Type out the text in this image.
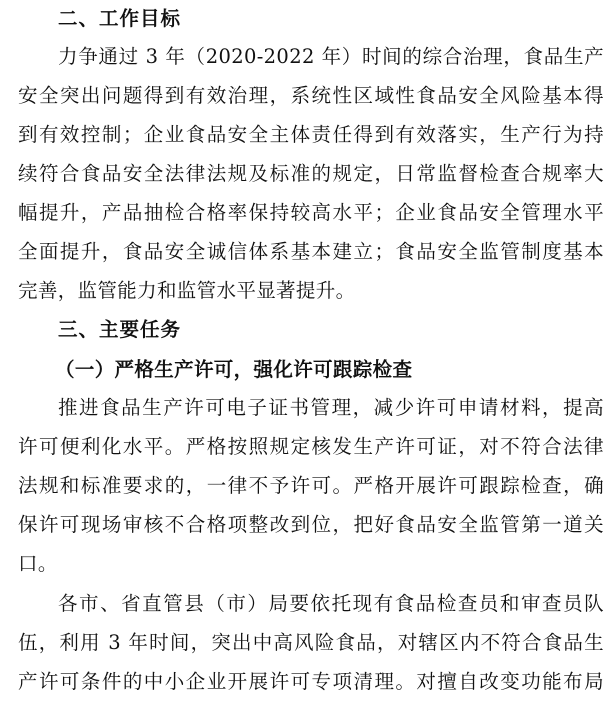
二、工作目标
力争通过 3 年（2020-2022 年）时间的综合治理，食品生产
安全突出问题得到有效治理，系统性区域性食品安全风险基本得
到有效控制；企业食品安全主体责任得到有效落实，生产行为持
续符合食品安全法律法规及标准的规定，日常监督检查合规率大
幅提升，产品抽检合格率保持较高水平；企业食品安全管理水平
全面提升，食品安全诚信体系基本建立；食品安全监管制度基本
完善，监管能力和监管水平显著提升。
三、主要任务
（一）严格生产许可，强化许可跟踪检查
推进食品生产许可电子证书管理，减少许可申请材料，提高
许可便利化水平。严格按照规定核发生产许可证，对不符合法律
法规和标准要求的，一律不予许可。严格开展许可跟踪检查，确
保许可现场审核不合格项整改到位，把好食品安全监管第一道关
口。
各市、省直管县（市）局要依托现有食品检查员和审查员队
伍，利用 3 年时间，突出中高风险食品，对辖区内不符合食品生
产许可条件的中小企业开展许可专项清理。对擅自改变功能布局
